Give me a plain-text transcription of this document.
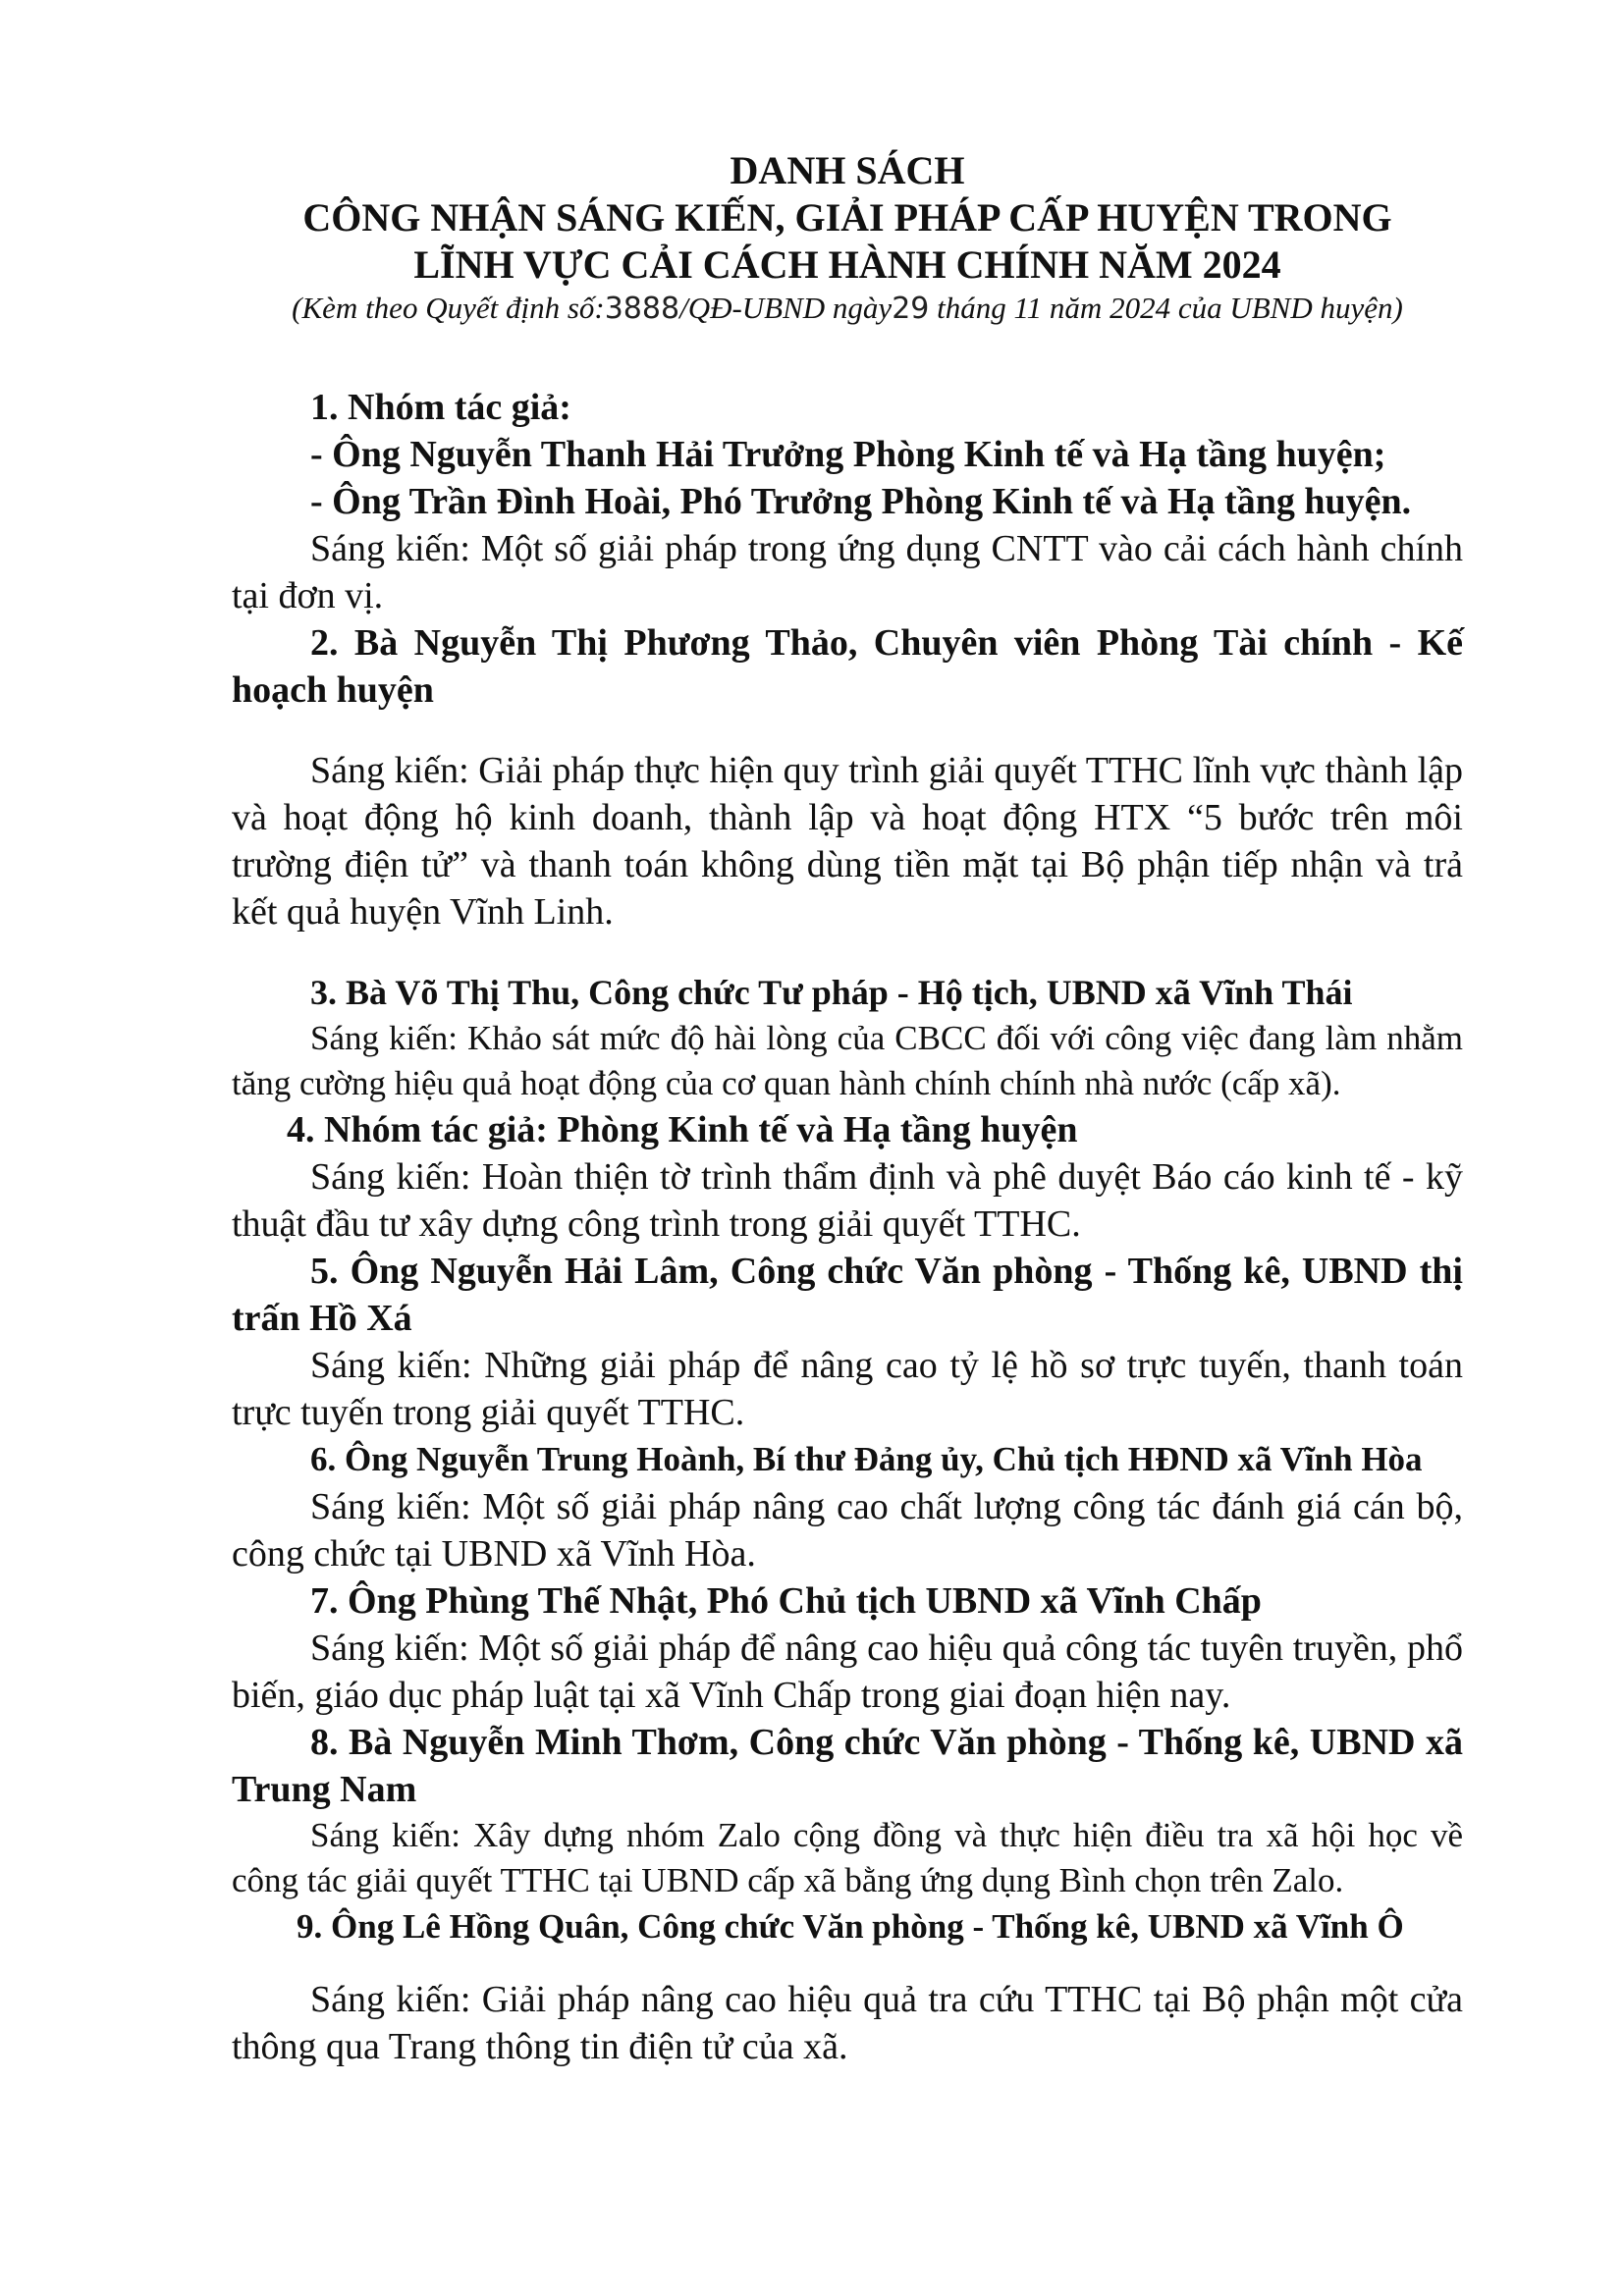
DANH SÁCH
CÔNG NHẬN SÁNG KIẾN, GIẢI PHÁP CẤP HUYỆN TRONG
LĨNH VỰC CẢI CÁCH HÀNH CHÍNH NĂM 2024
(Kèm theo Quyết định số:3888/QĐ-UBND ngày29 tháng 11 năm 2024 của UBND huyện)

1. Nhóm tác giả:

- Ông Nguyễn Thanh Hải Trưởng Phòng Kinh tế và Hạ tầng huyện;

- Ông Trần Đình Hoài, Phó Trưởng Phòng Kinh tế và Hạ tầng huyện.

Sáng kiến: Một số giải pháp trong ứng dụng CNTT vào cải cách hành chính tại đơn vị.

2. Bà Nguyễn Thị Phương Thảo, Chuyên viên Phòng Tài chính - Kế hoạch huyện

Sáng kiến: Giải pháp thực hiện quy trình giải quyết TTHC lĩnh vực thành lập và hoạt động hộ kinh doanh, thành lập và hoạt động HTX “5 bước trên môi trường điện tử” và thanh toán không dùng tiền mặt tại Bộ phận tiếp nhận và trả kết quả huyện Vĩnh Linh.

3. Bà Võ Thị Thu, Công chức Tư pháp - Hộ tịch, UBND xã Vĩnh Thái

Sáng kiến: Khảo sát mức độ hài lòng của CBCC đối với công việc đang làm nhằm tăng cường hiệu quả hoạt động của cơ quan hành chính chính nhà nước (cấp xã).

4. Nhóm tác giả: Phòng Kinh tế và Hạ tầng huyện

Sáng kiến: Hoàn thiện tờ trình thẩm định và phê duyệt Báo cáo kinh tế - kỹ thuật đầu tư xây dựng công trình trong giải quyết TTHC.

5. Ông Nguyễn Hải Lâm, Công chức Văn phòng - Thống kê, UBND thị trấn Hồ Xá

Sáng kiến: Những giải pháp để nâng cao tỷ lệ hồ sơ trực tuyến, thanh toán trực tuyến trong giải quyết TTHC.

6. Ông Nguyễn Trung Hoành, Bí thư Đảng ủy, Chủ tịch HĐND xã Vĩnh Hòa

Sáng kiến: Một số giải pháp nâng cao chất lượng công tác đánh giá cán bộ, công chức tại UBND xã Vĩnh Hòa.

7. Ông Phùng Thế Nhật, Phó Chủ tịch UBND xã Vĩnh Chấp

Sáng kiến: Một số giải pháp để nâng cao hiệu quả công tác tuyên truyền, phổ biến, giáo dục pháp luật tại xã Vĩnh Chấp trong giai đoạn hiện nay.

8. Bà Nguyễn Minh Thơm, Công chức Văn phòng - Thống kê, UBND xã Trung Nam

Sáng kiến: Xây dựng nhóm Zalo cộng đồng và thực hiện điều tra xã hội học về công tác giải quyết TTHC tại UBND cấp xã bằng ứng dụng Bình chọn trên Zalo.

9. Ông Lê Hồng Quân, Công chức Văn phòng - Thống kê, UBND xã Vĩnh Ô

Sáng kiến: Giải pháp nâng cao hiệu quả tra cứu TTHC tại Bộ phận một cửa thông qua Trang thông tin điện tử của xã.
